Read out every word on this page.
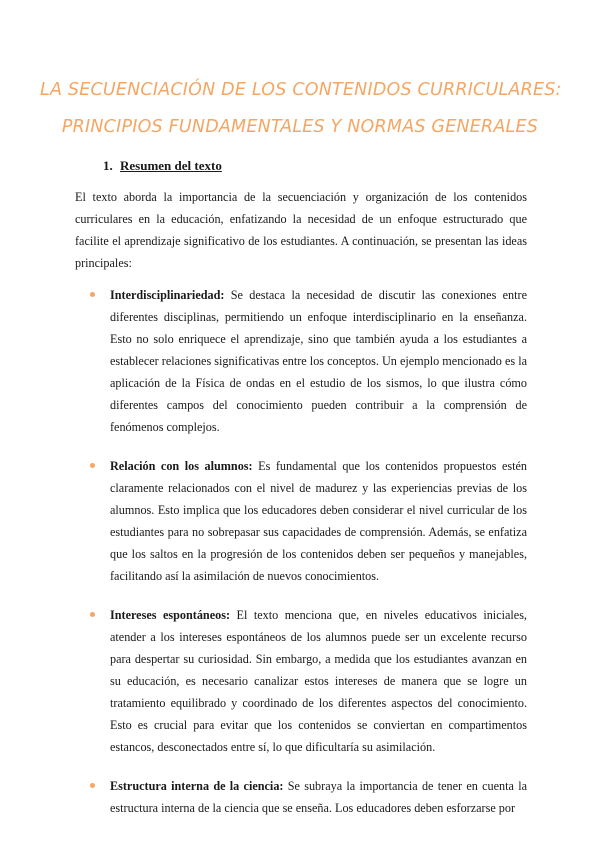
LA SECUENCIACIÓN DE LOS CONTENIDOS CURRICULARES:
PRINCIPIOS FUNDAMENTALES Y NORMAS GENERALES
1. Resumen del texto

El texto aborda la importancia de la secuenciación y organización de los contenidos curriculares en la educación, enfatizando la necesidad de un enfoque estructurado que facilite el aprendizaje significativo de los estudiantes. A continuación, se presentan las ideas principales:

Interdisciplinariedad: Se destaca la necesidad de discutir las conexiones entre diferentes disciplinas, permitiendo un enfoque interdisciplinario en la enseñanza. Esto no solo enriquece el aprendizaje, sino que también ayuda a los estudiantes a establecer relaciones significativas entre los conceptos. Un ejemplo mencionado es la aplicación de la Física de ondas en el estudio de los sismos, lo que ilustra cómo diferentes campos del conocimiento pueden contribuir a la comprensión de fenómenos complejos.
Relación con los alumnos: Es fundamental que los contenidos propuestos estén claramente relacionados con el nivel de madurez y las experiencias previas de los alumnos. Esto implica que los educadores deben considerar el nivel curricular de los estudiantes para no sobrepasar sus capacidades de comprensión. Además, se enfatiza que los saltos en la progresión de los contenidos deben ser pequeños y manejables, facilitando así la asimilación de nuevos conocimientos.
Intereses espontáneos: El texto menciona que, en niveles educativos iniciales, atender a los intereses espontáneos de los alumnos puede ser un excelente recurso para despertar su curiosidad. Sin embargo, a medida que los estudiantes avanzan en su educación, es necesario canalizar estos intereses de manera que se logre un tratamiento equilibrado y coordinado de los diferentes aspectos del conocimiento. Esto es crucial para evitar que los contenidos se conviertan en compartimentos estancos, desconectados entre sí, lo que dificultaría su asimilación.
Estructura interna de la ciencia: Se subraya la importancia de tener en cuenta la estructura interna de la ciencia que se enseña. Los educadores deben esforzarse por
